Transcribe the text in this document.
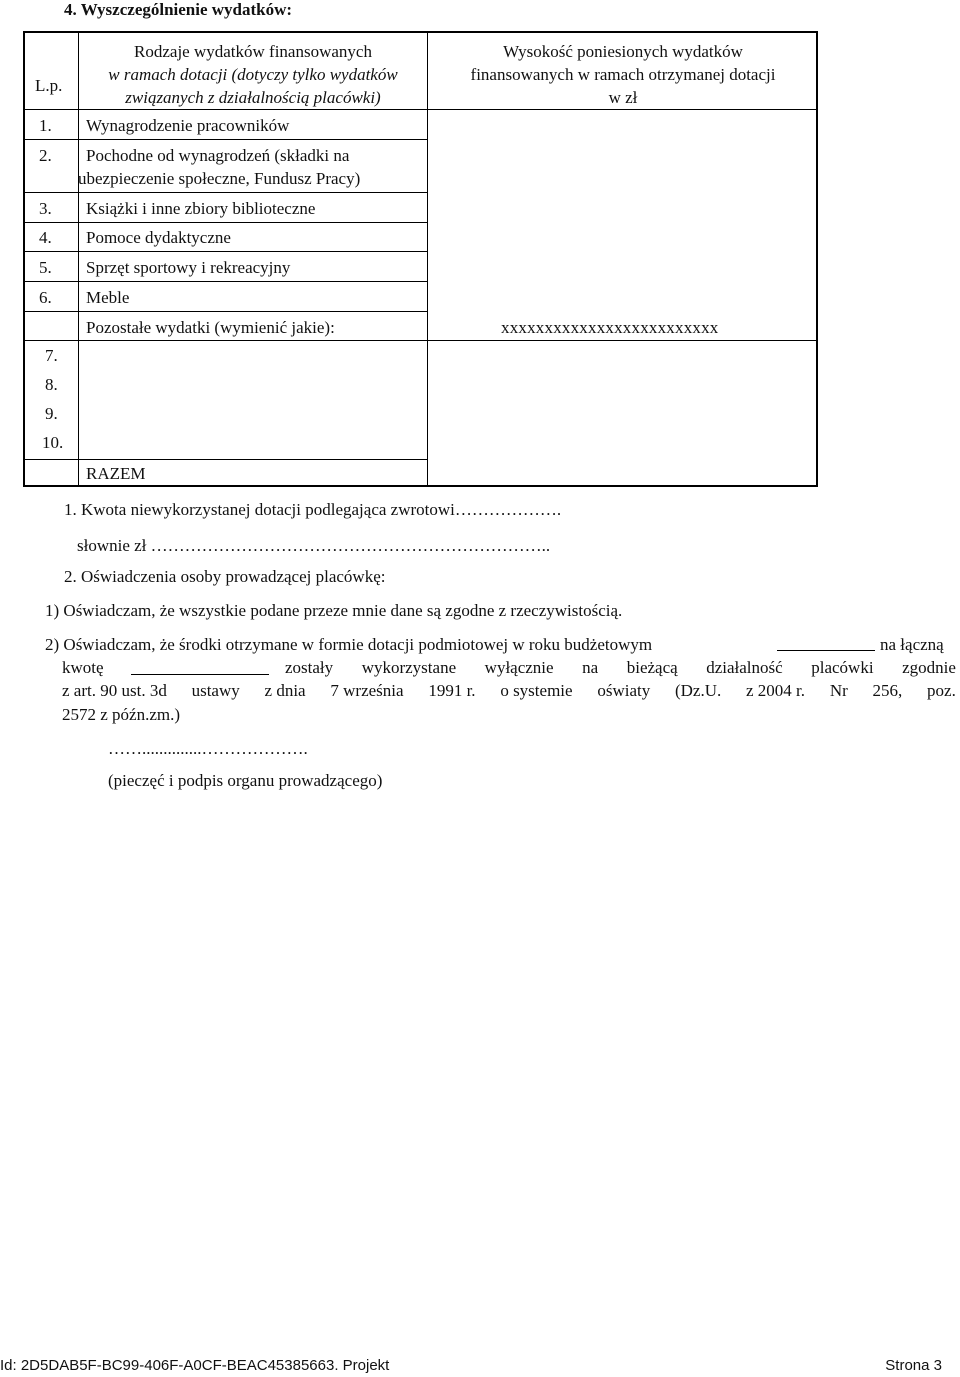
4. Wyszczególnienie wydatków:
L.p.
Rodzaje wydatków finansowanych
w ramach dotacji (dotyczy tylko wydatków
związanych z działalnością placówki)
Wysokość poniesionych wydatków
finansowanych w ramach otrzymanej dotacji
w zł
1. Wynagrodzenie pracowników
2. Pochodne od wynagrodzeń (składki na
ubezpieczenie społeczne, Fundusz Pracy)
3. Książki i inne zbiory biblioteczne
4. Pomoce dydaktyczne
5. Sprzęt sportowy i rekreacyjny
6. Meble
Pozostałe wydatki (wymienić jakie):	xxxxxxxxxxxxxxxxxxxxxxxxx
7.
8.
9.
10.
RAZEM
1. Kwota niewykorzystanej dotacji podlegająca zwrotowi……………….
słownie zł ……………………………………………………………..
2. Oświadczenia osoby prowadzącej placówkę:
1) Oświadczam, że wszystkie podane przeze mnie dane są zgodne z rzeczywistością.
2) Oświadczam, że środki otrzymane w formie dotacji podmiotowej w roku budżetowym	na łączną
kwotę	zostały wykorzystane wyłącznie na bieżącą działalność placówki zgodnie
z art. 90 ust. 3d ustawy z dnia 7 września 1991 r. o systemie oświaty (Dz.U. z 2004 r. Nr 256, poz.
2572 z późn.zm.)
……..............……………….
(pieczęć i podpis organu prowadzącego)
Id: 2D5DAB5F-BC99-406F-A0CF-BEAC45385663. Projekt	Strona 3
